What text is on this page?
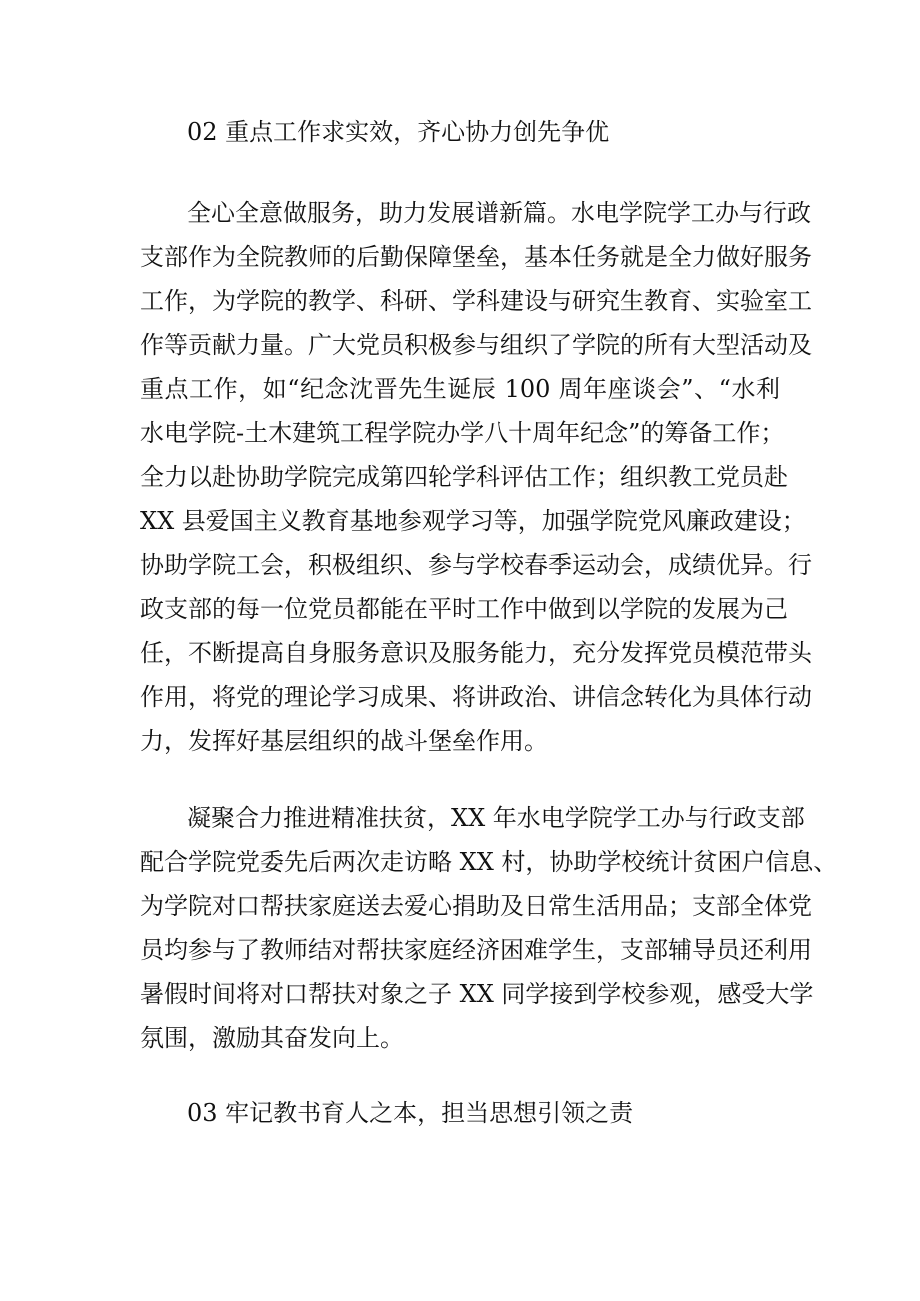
02 重点工作求实效，齐心协力创先争优

全心全意做服务，助力发展谱新篇。水电学院学工办与行政

支部作为全院教师的后勤保障堡垒，基本任务就是全力做好服务

工作，为学院的教学、科研、学科建设与研究生教育、实验室工

作等贡献力量。广大党员积极参与组织了学院的所有大型活动及

重点工作，如“纪念沈晋先生诞辰 100 周年座谈会”、“水利

水电学院-土木建筑工程学院办学八十周年纪念”的筹备工作；

全力以赴协助学院完成第四轮学科评估工作；组织教工党员赴

XX 县爱国主义教育基地参观学习等，加强学院党风廉政建设；

协助学院工会，积极组织、参与学校春季运动会，成绩优异。行

政支部的每一位党员都能在平时工作中做到以学院的发展为己

任，不断提高自身服务意识及服务能力，充分发挥党员模范带头

作用，将党的理论学习成果、将讲政治、讲信念转化为具体行动

力，发挥好基层组织的战斗堡垒作用。

凝聚合力推进精准扶贫，XX 年水电学院学工办与行政支部

配合学院党委先后两次走访略 XX 村，协助学校统计贫困户信息、

为学院对口帮扶家庭送去爱心捐助及日常生活用品；支部全体党

员均参与了教师结对帮扶家庭经济困难学生，支部辅导员还利用

暑假时间将对口帮扶对象之子 XX 同学接到学校参观，感受大学

氛围，激励其奋发向上。

03 牢记教书育人之本，担当思想引领之责
